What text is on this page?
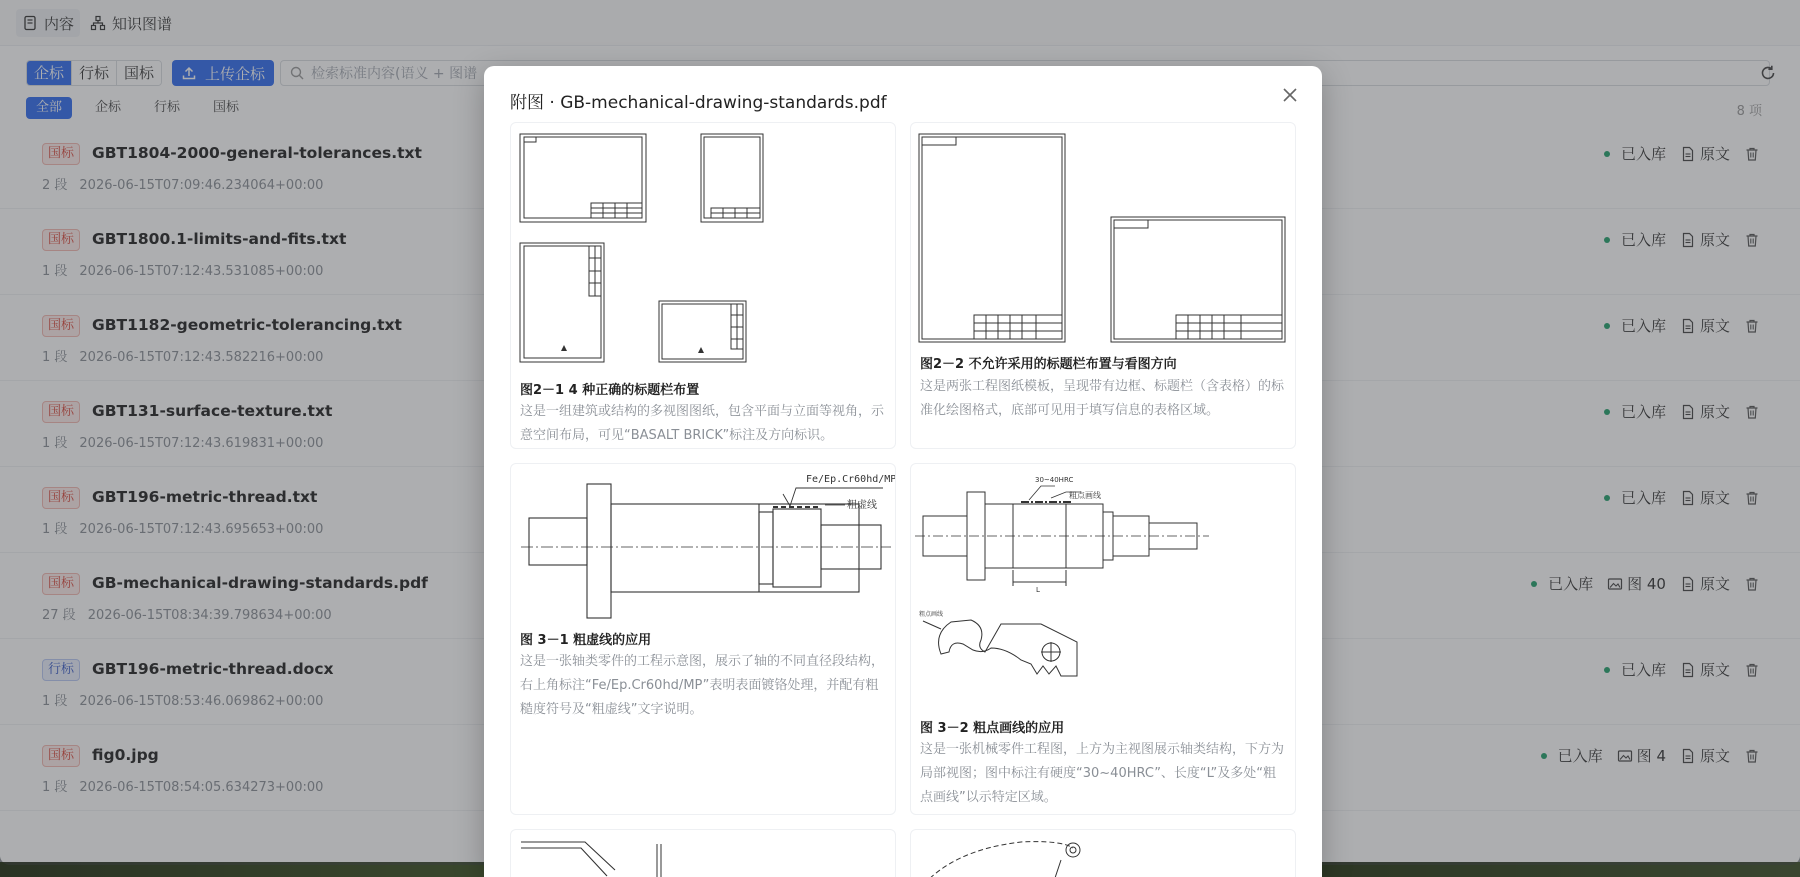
内容	知识图谱
企标	行标	国标	上传企标	检索标准内容(语义 + 图谱
全部	企标	行标	国标	8 项
国标	GBT1804-2000-general-tolerances.txt
2 段 2026-06-15T07:09:46.234064+00:00
已入库 原文
国标	GBT1800.1-limits-and-fits.txt
1 段 2026-06-15T07:12:43.531085+00:00
已入库 原文
国标	GBT1182-geometric-tolerancing.txt
1 段 2026-06-15T07:12:43.582216+00:00
已入库 原文
国标	GBT131-surface-texture.txt
1 段 2026-06-15T07:12:43.619831+00:00
已入库 原文
国标	GBT196-metric-thread.txt
1 段 2026-06-15T07:12:43.695653+00:00
已入库 原文
国标	GB-mechanical-drawing-standards.pdf
27 段 2026-06-15T08:34:39.798634+00:00
已入库 图 40 原文
行标	GBT196-metric-thread.docx
1 段 2026-06-15T08:53:46.069862+00:00
已入库 原文
国标	fig0.jpg
1 段 2026-06-15T08:54:05.634273+00:00
已入库 图 4 原文
附图 · GB-mechanical-drawing-standards.pdf
图2－1 4 种正确的标题栏布置
这是一组建筑或结构的多视图图纸，包含平面与立面等视角，示意空间布局，可见“BASALT BRICK”标注及方向标识。
图2－2 不允许采用的标题栏布置与看图方向
这是两张工程图纸模板，呈现带有边框、标题栏（含表格）的标准化绘图格式，底部可见用于填写信息的表格区域。
Fe/Ep.Cr60hd/MP
粗虚线
图 3－1 粗虚线的应用
这是一张轴类零件的工程示意图，展示了轴的不同直径段结构，右上角标注“Fe/Ep.Cr60hd/MP”表明表面镀铬处理，并配有粗糙度符号及“粗虚线”文字说明。
30~40HRC
粗点画线
L
粗点画线
图 3－2 粗点画线的应用
这是一张机械零件工程图，上方为主视图展示轴类结构，下方为局部视图；图中标注有硬度“30~40HRC”、长度“L”及多处“粗点画线”以示特定区域。
